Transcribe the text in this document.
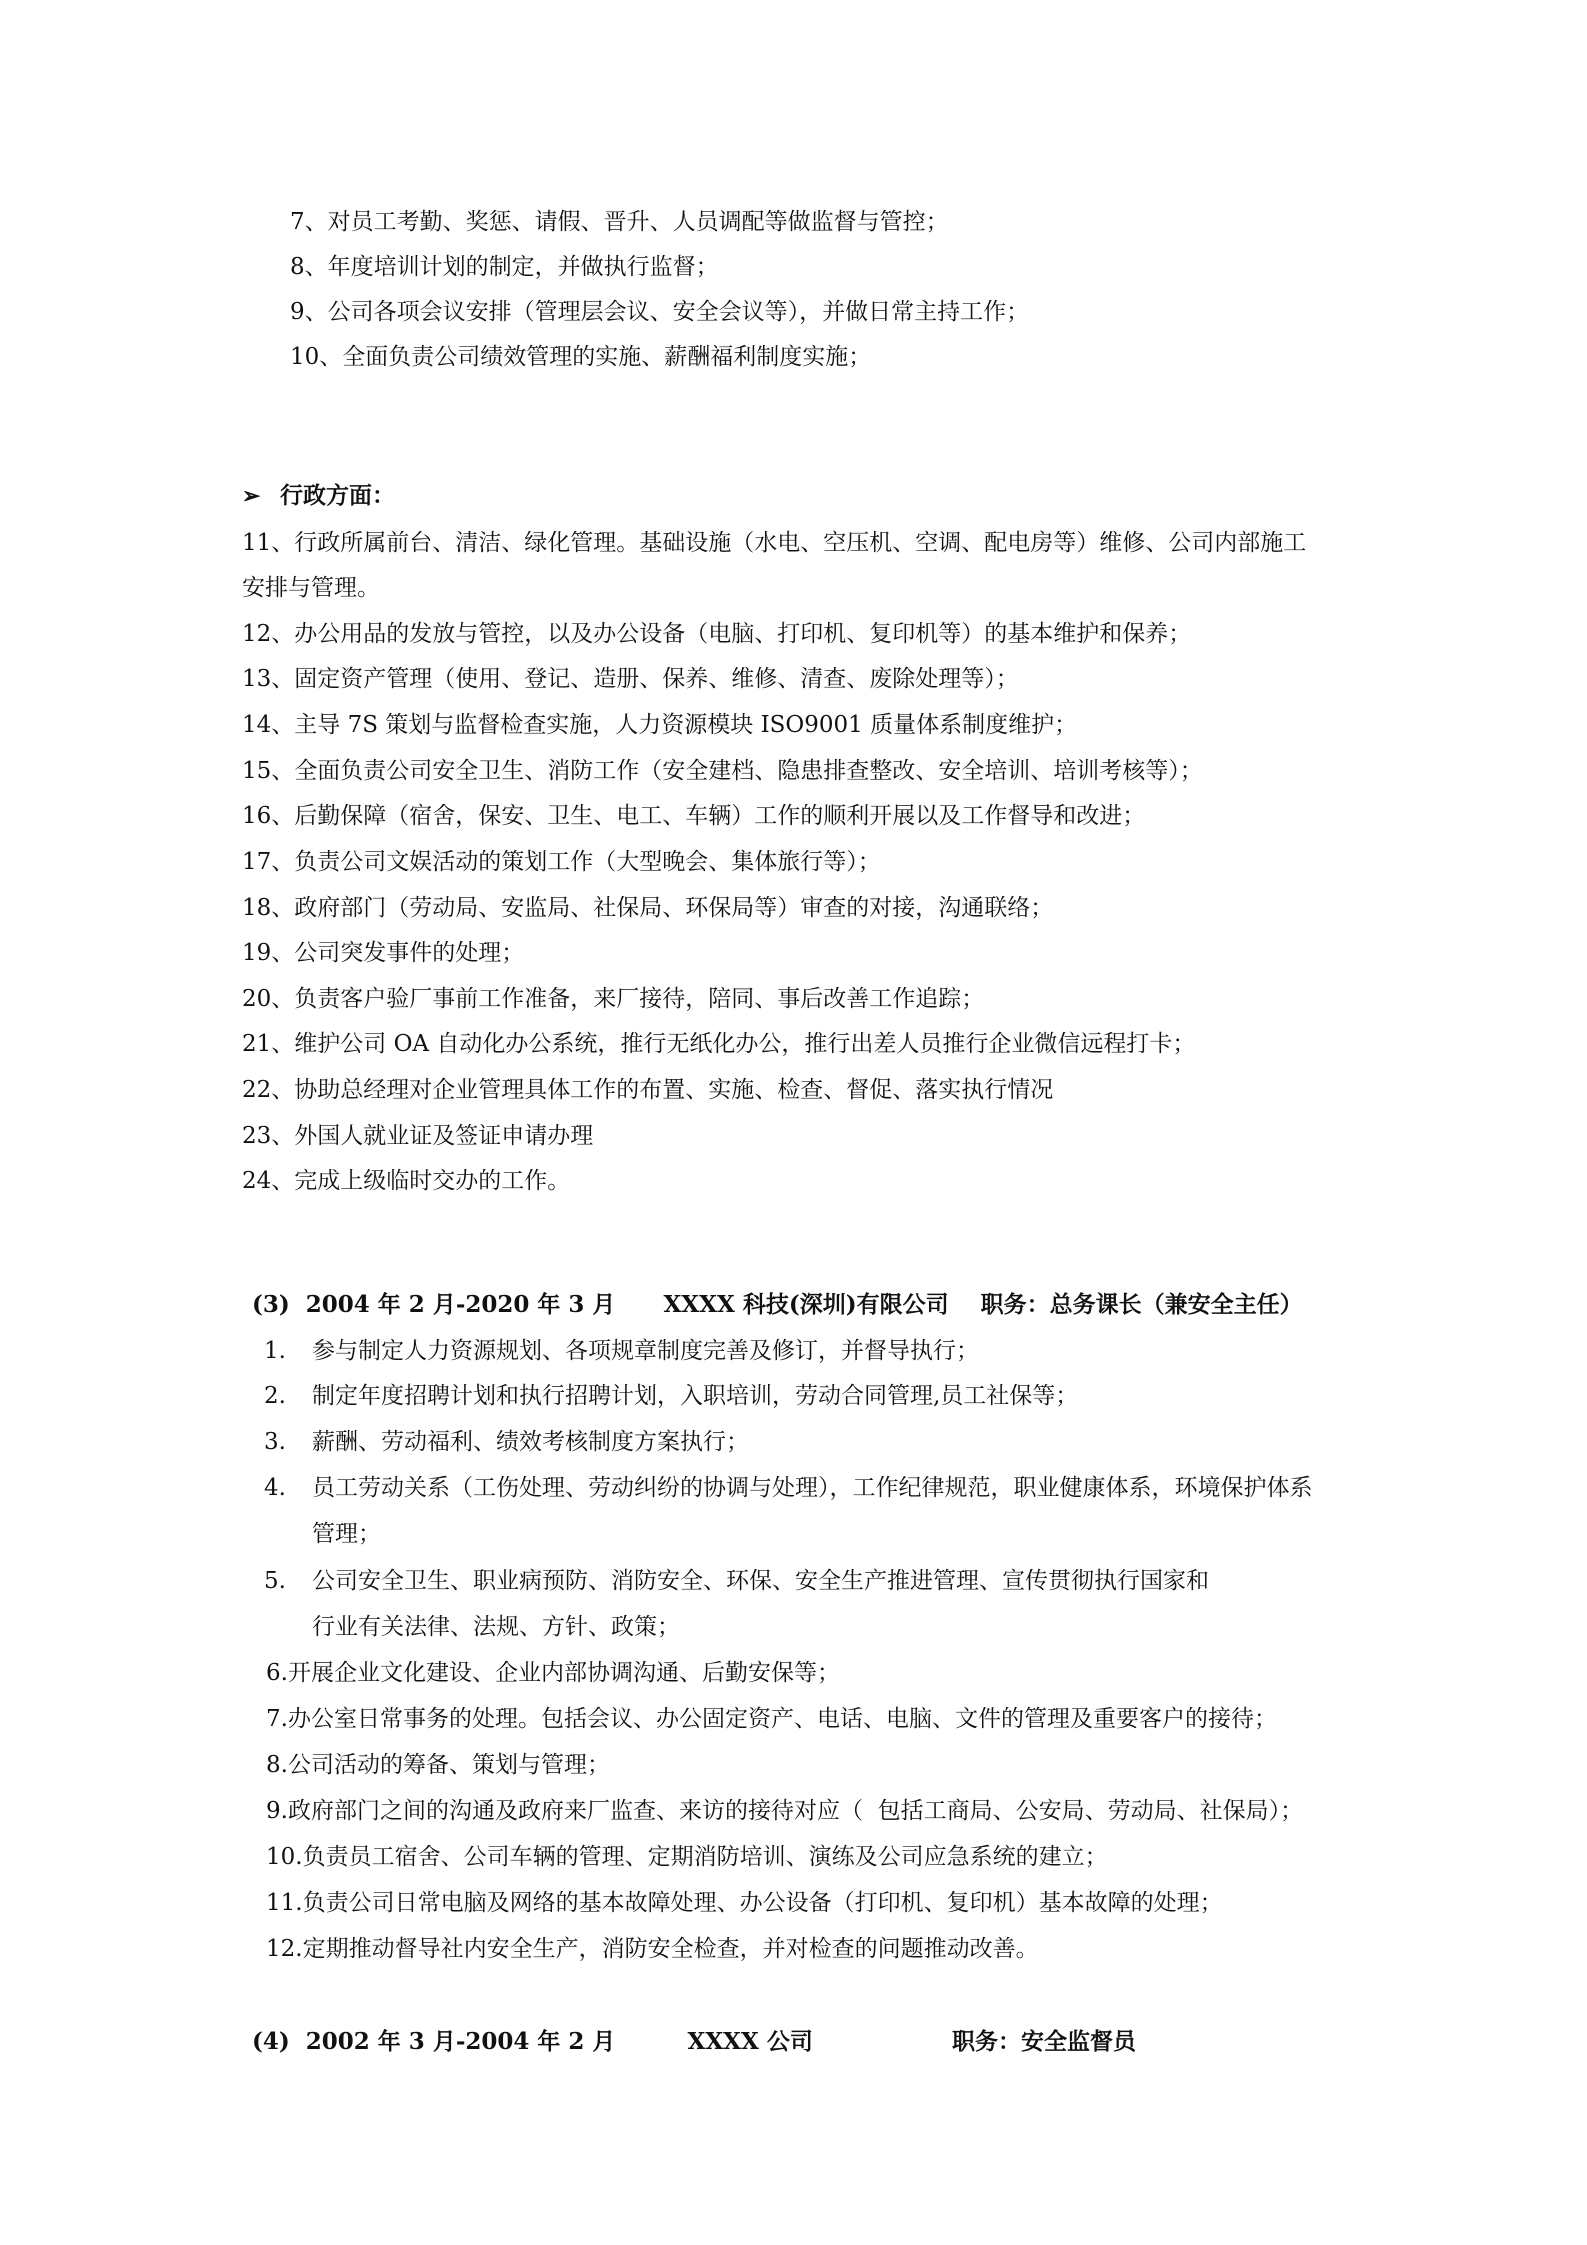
7、对员工考勤、奖惩、请假、晋升、人员调配等做监督与管控；
8、年度培训计划的制定，并做执行监督；
9、公司各项会议安排（管理层会议、安全会议等），并做日常主持工作；
10、全面负责公司绩效管理的实施、薪酬福利制度实施；
➢ 行政方面：
11、行政所属前台、清洁、绿化管理。基础设施（水电、空压机、空调、配电房等）维修、公司内部施工
安排与管理。
12、办公用品的发放与管控，以及办公设备（电脑、打印机、复印机等）的基本维护和保养；
13、固定资产管理（使用、登记、造册、保养、维修、清查、废除处理等）；
14、主导 7S 策划与监督检查实施，人力资源模块 ISO9001 质量体系制度维护；
15、全面负责公司安全卫生、消防工作（安全建档、隐患排查整改、安全培训、培训考核等）；
16、后勤保障（宿舍，保安、卫生、电工、车辆）工作的顺利开展以及工作督导和改进；
17、负责公司文娱活动的策划工作（大型晚会、集体旅行等）；
18、政府部门（劳动局、安监局、社保局、环保局等）审查的对接，沟通联络；
19、公司突发事件的处理；
20、负责客户验厂事前工作准备，来厂接待，陪同、事后改善工作追踪；
21、维护公司 OA 自动化办公系统，推行无纸化办公，推行出差人员推行企业微信远程打卡；
22、协助总经理对企业管理具体工作的布置、实施、检查、督促、落实执行情况
23、外国人就业证及签证申请办理
24、完成上级临时交办的工作。
(3)  2004 年 2 月-2020 年 3 月      XXXX 科技(深圳)有限公司    职务：总务课长（兼安全主任）
1. 参与制定人力资源规划、各项规章制度完善及修订，并督导执行；
2. 制定年度招聘计划和执行招聘计划，入职培训，劳动合同管理,员工社保等；
3. 薪酬、劳动福利、绩效考核制度方案执行；
4. 员工劳动关系（工伤处理、劳动纠纷的协调与处理），工作纪律规范，职业健康体系，环境保护体系
管理；
5. 公司安全卫生、职业病预防、消防安全、环保、安全生产推进管理、宣传贯彻执行国家和
行业有关法律、法规、方针、政策；
6.开展企业文化建设、企业内部协调沟通、后勤安保等；
7.办公室日常事务的处理。包括会议、办公固定资产、电话、电脑、文件的管理及重要客户的接待；
8.公司活动的筹备、策划与管理；
9.政府部门之间的沟通及政府来厂监查、来访的接待对应（  包括工商局、公安局、劳动局、社保局）；
10.负责员工宿舍、公司车辆的管理、定期消防培训、演练及公司应急系统的建立；
11.负责公司日常电脑及网络的基本故障处理、办公设备（打印机、复印机）基本故障的处理；
12.定期推动督导社内安全生产，消防安全检查，并对检查的问题推动改善。
(4)  2002 年 3 月-2004 年 2 月         XXXX 公司	职务：安全监督员
